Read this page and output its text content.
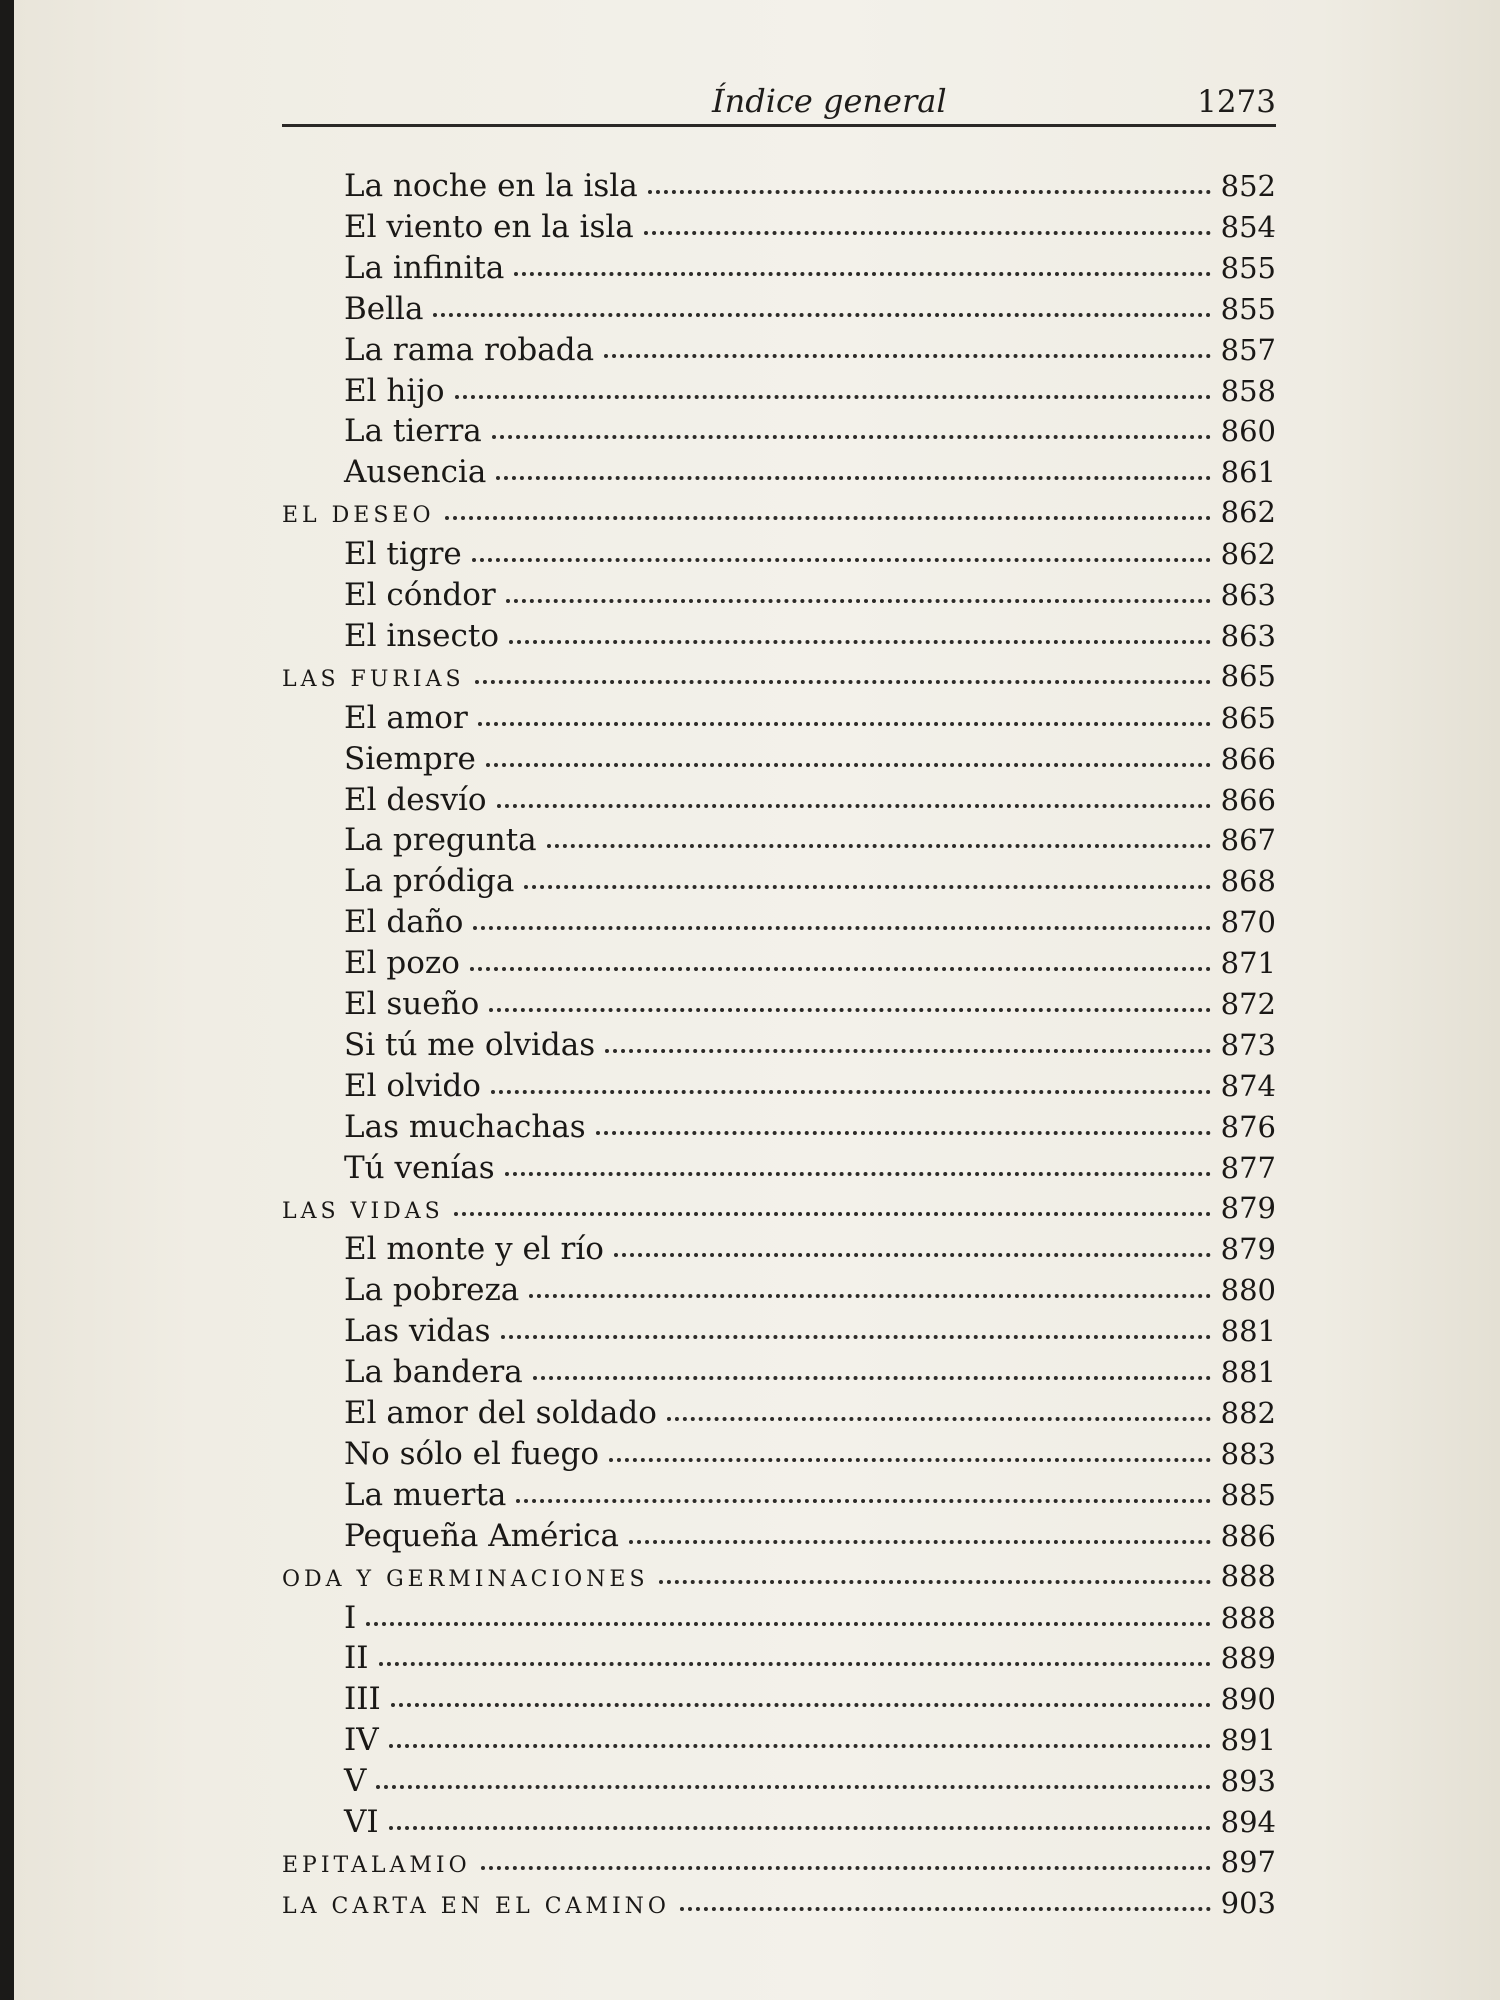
Índice general	1273
La noche en la isla	852
El viento en la isla	854
La infinita	855
Bella	855
La rama robada	857
El hijo	858
La tierra	860
Ausencia	861
EL DESEO	862
El tigre	862
El cóndor	863
El insecto	863
LAS FURIAS	865
El amor	865
Siempre	866
El desvío	866
La pregunta	867
La pródiga	868
El daño	870
El pozo	871
El sueño	872
Si tú me olvidas	873
El olvido	874
Las muchachas	876
Tú venías	877
LAS VIDAS	879
El monte y el río	879
La pobreza	880
Las vidas	881
La bandera	881
El amor del soldado	882
No sólo el fuego	883
La muerta	885
Pequeña América	886
ODA Y GERMINACIONES	888
I	888
II	889
III	890
IV	891
V	893
VI	894
EPITALAMIO	897
LA CARTA EN EL CAMINO	903
